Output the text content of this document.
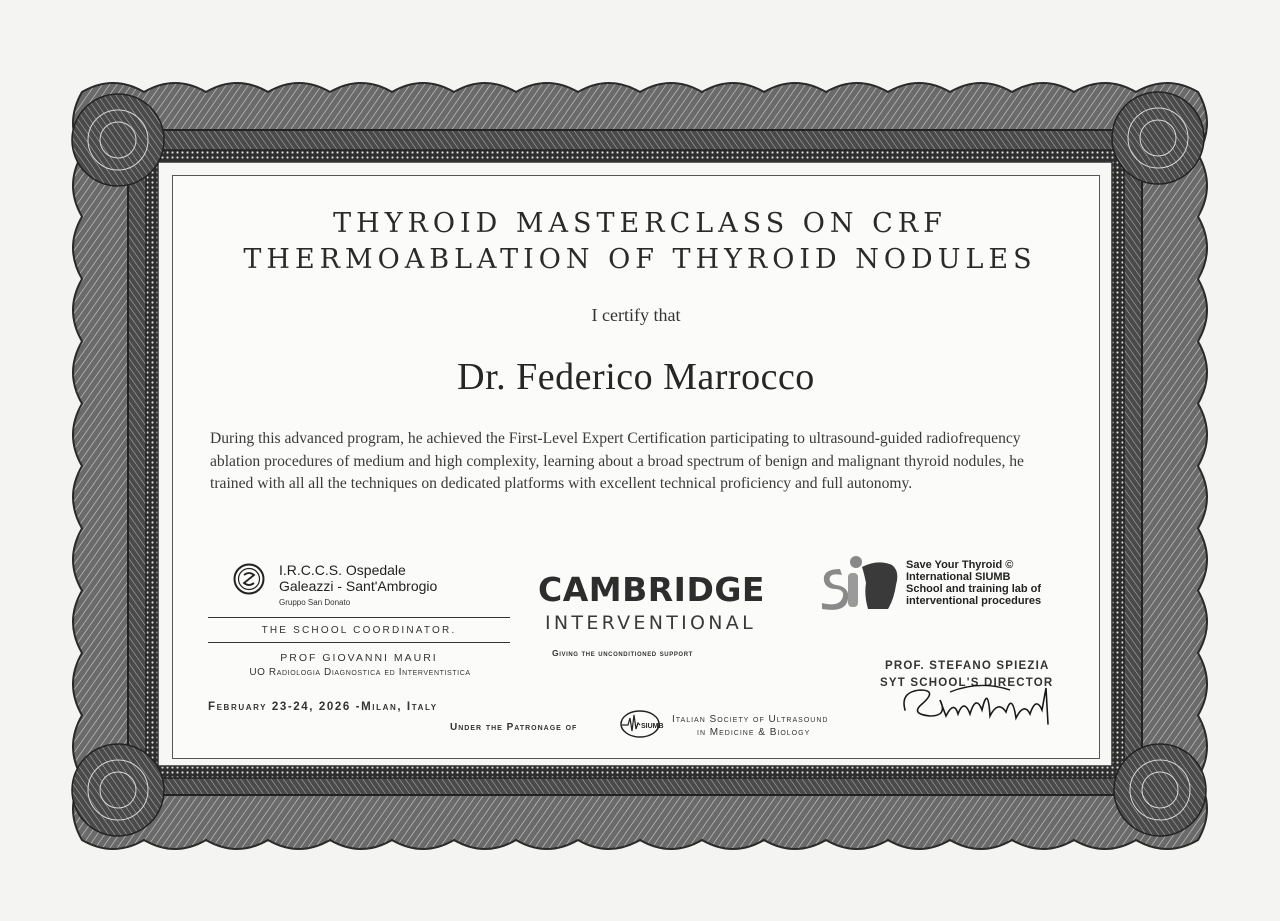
THYROID MASTERCLASS ON CRF
THERMOABLATION OF THYROID NODULES
I certify that
Dr. Federico Marrocco
During this advanced program, he achieved the First-Level Expert Certification participating to ultrasound-guided radiofrequency ablation procedures of medium and high complexity, learning about a broad spectrum of benign and malignant thyroid nodules, he trained with all all the techniques on dedicated platforms with excellent technical proficiency and full autonomy.
I.R.C.C.S. Ospedale
Galeazzi - Sant'Ambrogio
Gruppo San Donato
THE SCHOOL COORDINATOR.
PROF GIOVANNI MAURI
UO Radiologia Diagnostica ed Interventistica
February 23-24, 2026 -Milan, Italy
CAMBRIDGE
INTERVENTIONAL
Giving the unconditioned support
Under the Patronage of	SIUMB
Italian Society of Ultrasound
in Medicine & Biology
Save Your Thyroid ©
International SIUMB
School and training lab of
interventional procedures
PROF. STEFANO SPIEZIA
SYT SCHOOL'S DIRECTOR
